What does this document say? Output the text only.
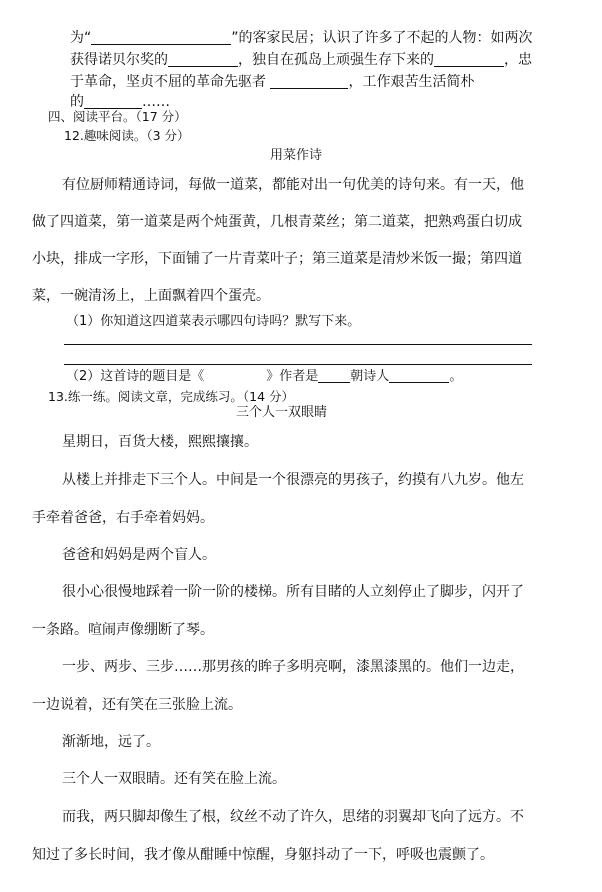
为“	”的客家民居；认识了许多了不起的人物：如两次
获得诺贝尔奖的	，独自在孤岛上顽强生存下来的	，忠
于革命，坚贞不屈的革命先驱者	，工作艰苦生活简朴
的	……
四、阅读平台。（17 分）
12.趣味阅读。（3 分）
用菜作诗
有位厨师精通诗词，每做一道菜，都能对出一句优美的诗句来。有一天，他
做了四道菜，第一道菜是两个炖蛋黄，几根青菜丝；第二道菜，把熟鸡蛋白切成
小块，排成一字形，下面铺了一片青菜叶子；第三道菜是清炒米饭一撮；第四道
菜，一碗清汤上，上面飘着四个蛋壳。
（1）你知道这四道菜表示哪四句诗吗？默写下来。
（2）这首诗的题目是《	》作者是 朝诗人	。
13.练一练。阅读文章，完成练习。（14 分）
三个人一双眼睛
星期日，百货大楼，熙熙攘攘。
从楼上并排走下三个人。中间是一个很漂亮的男孩子，约摸有八九岁。他左
手牵着爸爸，右手牵着妈妈。
爸爸和妈妈是两个盲人。
很小心很慢地踩着一阶一阶的楼梯。所有目睹的人立刻停止了脚步，闪开了
一条路。喧闹声像绷断了琴。
一步、两步、三步……那男孩的眸子多明亮啊，漆黑漆黑的。他们一边走，
一边说着，还有笑在三张脸上流。
渐渐地，远了。
三个人一双眼睛。还有笑在脸上流。
而我，两只脚却像生了根，纹丝不动了许久，思绪的羽翼却飞向了远方。不
知过了多长时间，我才像从酣睡中惊醒，身躯抖动了一下，呼吸也震颤了。
